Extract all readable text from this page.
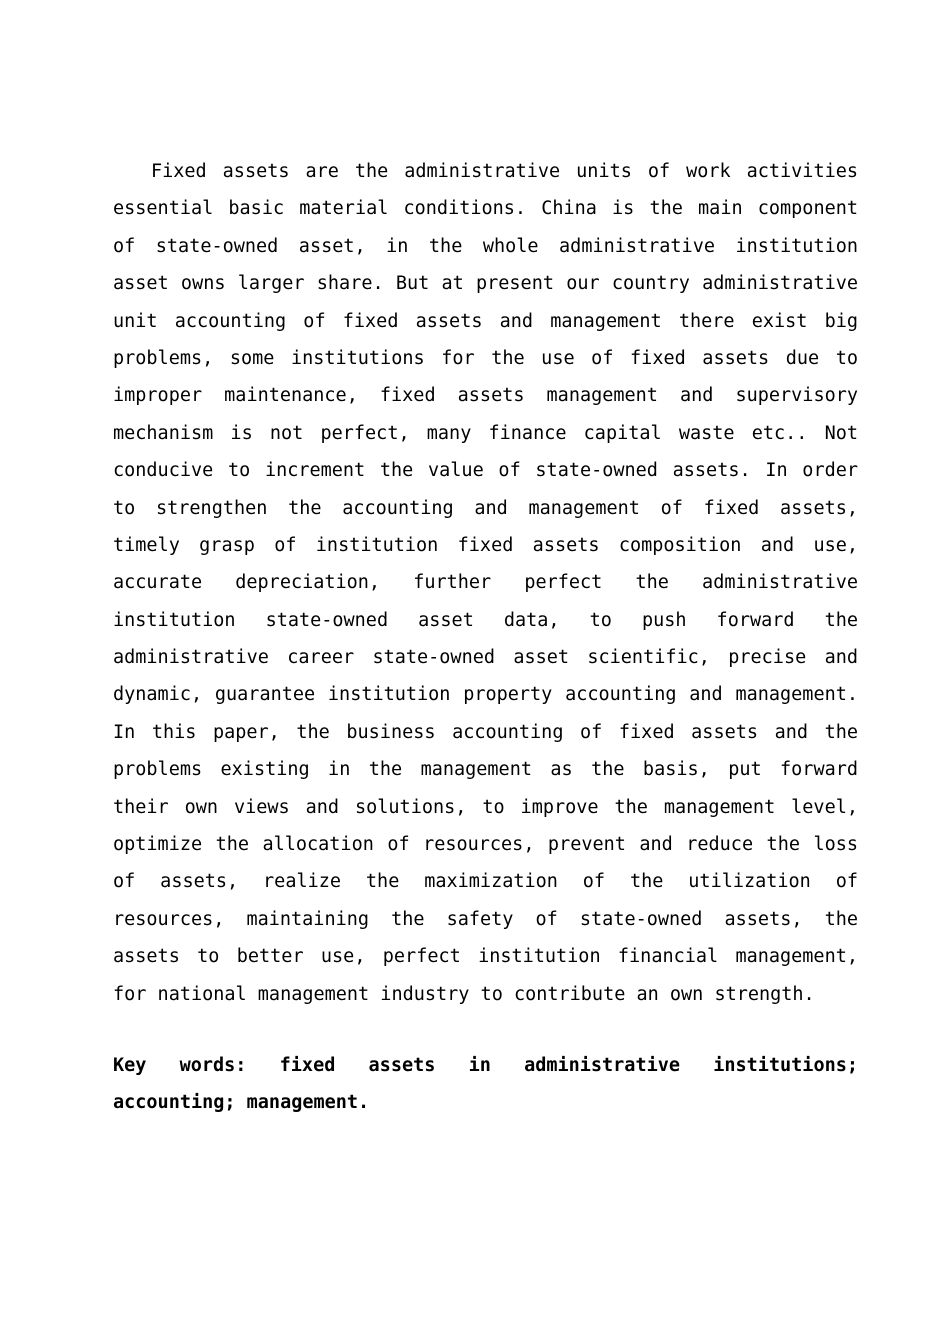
Fixed assets are the administrative units of work activities
essential basic material conditions. China is the main component
of state-owned asset, in the whole administrative institution
asset owns larger share. But at present our country administrative
unit accounting of fixed assets and management there exist big
problems, some institutions for the use of fixed assets due to
improper maintenance, fixed assets management and supervisory
mechanism is not perfect, many finance capital waste etc.. Not
conducive to increment the value of state-owned assets. In order
to strengthen the accounting and management of fixed assets,
timely grasp of institution fixed assets composition and use,
accurate depreciation, further perfect the administrative
institution state-owned asset data, to push forward the
administrative career state-owned asset scientific, precise and
dynamic, guarantee institution property accounting and management.
In this paper, the business accounting of fixed assets and the
problems existing in the management as the basis, put forward
their own views and solutions, to improve the management level,
optimize the allocation of resources, prevent and reduce the loss
of assets, realize the maximization of the utilization of
resources, maintaining the safety of state-owned assets, the
assets to better use, perfect institution financial management,
for national management industry to contribute an own strength.
Key words: fixed assets in administrative institutions;
accounting; management.
